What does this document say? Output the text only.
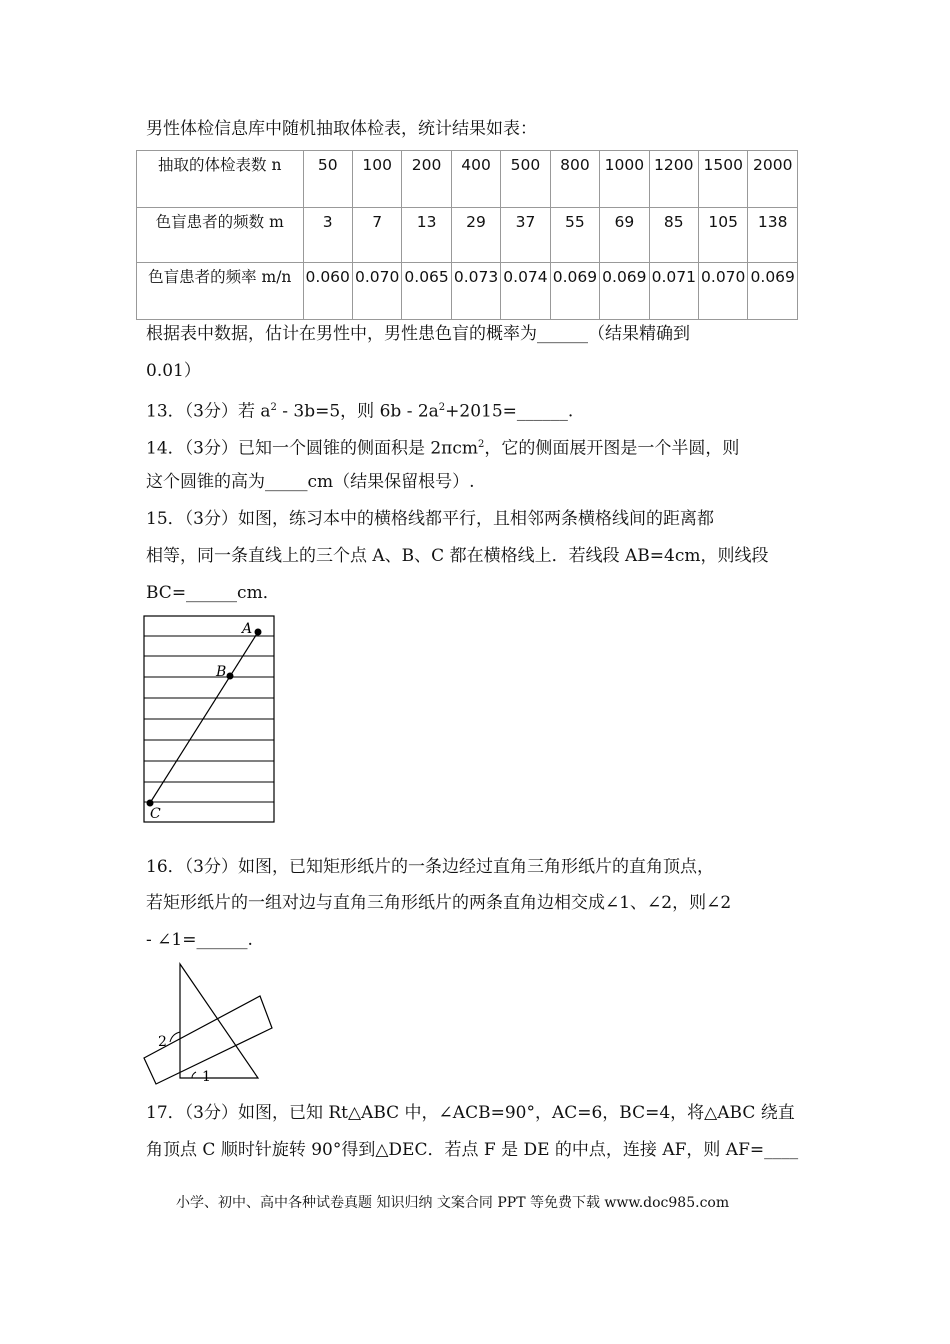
男性体检信息库中随机抽取体检表，统计结果如表：
抽取的体检表数 n	50	100	200	400	500	800	1000	1200	1500	2000
色盲患者的频数 m	3	7	13	29	37	55	69	85	105	138
色盲患者的频率 m/n	0.060	0.070	0.065	0.073	0.074	0.069	0.069	0.071	0.070	0.069
根据表中数据，估计在男性中，男性患色盲的概率为______（结果精确到
0.01）
13．（3分）若 $a^2 - 3b=5$，则 $6b - 2a^2+2015=\_\_\_\_\_\_$.
14．（3分）已知一个圆锥的侧面积是 2πcm$^2$，它的侧面展开图是一个半圆，则
这个圆锥的高为_____cm（结果保留根号）.
15．（3分）如图，练习本中的横格线都平行，且相邻两条横格线间的距离都
相等，同一条直线上的三个点 A、B、C 都在横格线上．若线段 AB=4cm，则线段
BC=______cm．
A
B
C
16．（3分）如图，已知矩形纸片的一条边经过直角三角形纸片的直角顶点，
若矩形纸片的一组对边与直角三角形纸片的两条直角边相交成∠1、∠2，则∠2
- ∠1=______.
2
1
17．（3分）如图，已知 Rt△ABC 中，∠ACB=90°，AC=6，BC=4，将△ABC 绕直
角顶点 C 顺时针旋转 90°得到△DEC．若点 F 是 DE 的中点，连接 AF，则 AF=____
小学、初中、高中各种试卷真题 知识归纳 文案合同 PPT 等免费下载 www.doc985.com
